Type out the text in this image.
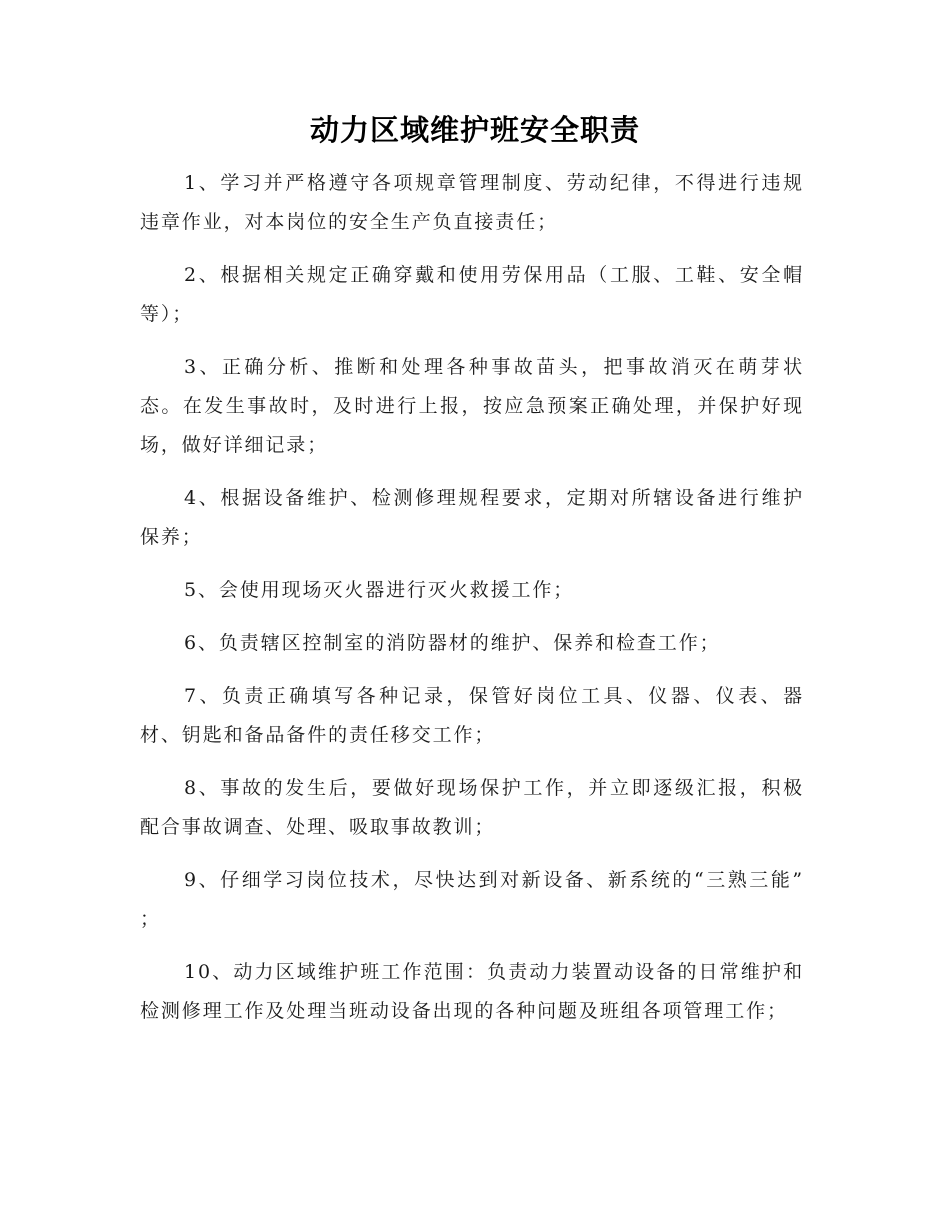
动力区域维护班安全职责

1、学习并严格遵守各项规章管理制度、劳动纪律，不得进行违规违章作业，对本岗位的安全生产负直接责任；

2、根据相关规定正确穿戴和使用劳保用品（工服、工鞋、安全帽等）；

3、正确分析、推断和处理各种事故苗头，把事故消灭在萌芽状态。在发生事故时，及时进行上报，按应急预案正确处理，并保护好现场，做好详细记录；

4、根据设备维护、检测修理规程要求，定期对所辖设备进行维护保养；

5、会使用现场灭火器进行灭火救援工作；

6、负责辖区控制室的消防器材的维护、保养和检查工作；

7、负责正确填写各种记录，保管好岗位工具、仪器、仪表、器材、钥匙和备品备件的责任移交工作；

8、事故的发生后，要做好现场保护工作，并立即逐级汇报，积极配合事故调查、处理、吸取事故教训；

9、仔细学习岗位技术，尽快达到对新设备、新系统的“三熟三能” ；

10、动力区域维护班工作范围：负责动力装置动设备的日常维护和检测修理工作及处理当班动设备出现的各种问题及班组各项管理工作；
